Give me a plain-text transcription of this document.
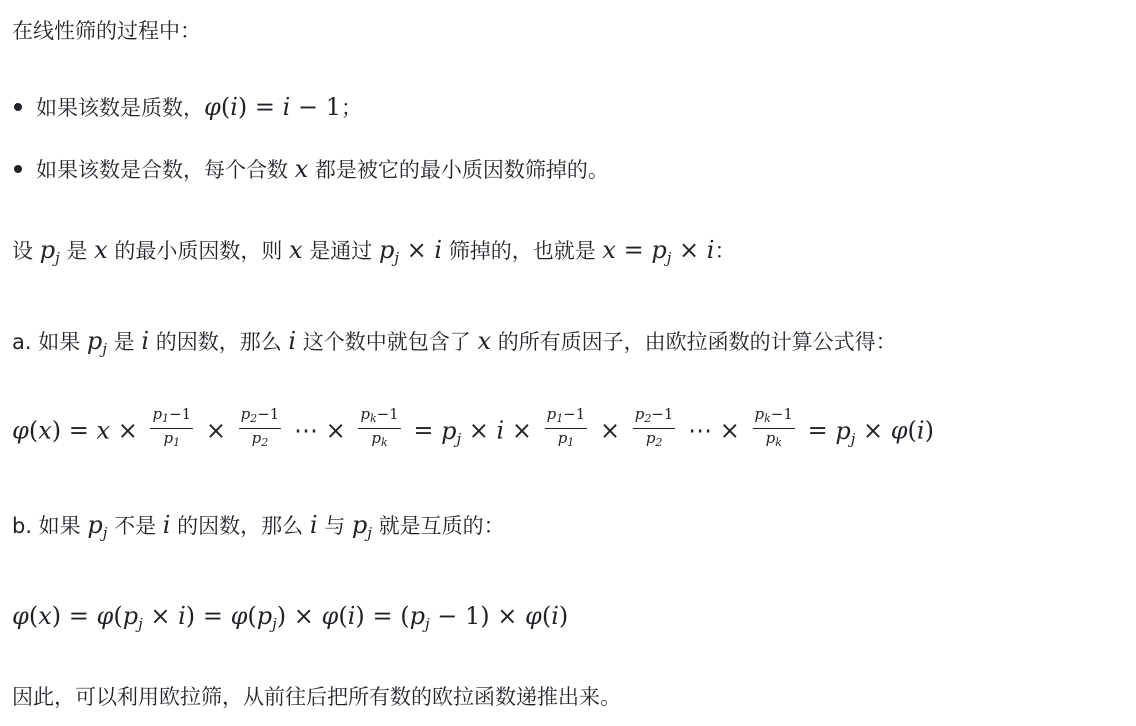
在线性筛的过程中：
如果该数是质数，φ(i) = i − 1；
如果该数是合数，每个合数 x 都是被它的最小质因数筛掉的。
设 $p_j$ 是 x 的最小质因数，则 x 是通过 $p_j \times i$ 筛掉的，也就是 $x = p_j \times i$：
a. 如果 $p_j$ 是 i 的因数，那么 i 这个数中就包含了 x 的所有质因子，由欧拉函数的计算公式得：
$\varphi(x) = x \times \frac{p_1-1}{p_1} \times \frac{p_2-1}{p_2}$ ⋯ × $\frac{p_k-1}{p_k} = p_j \times i \times \frac{p_1-1}{p_1} \times \frac{p_2-1}{p_2}$ ⋯ × $\frac{p_k-1}{p_k} = p_j \times \varphi(i)$
b. 如果 $p_j$ 不是 i 的因数，那么 i 与 $p_j$ 就是互质的：
$\varphi(x) = \varphi(p_j \times i) = \varphi(p_j) \times \varphi(i) = (p_j - 1) \times \varphi(i)$
因此，可以利用欧拉筛，从前往后把所有数的欧拉函数递推出来。
